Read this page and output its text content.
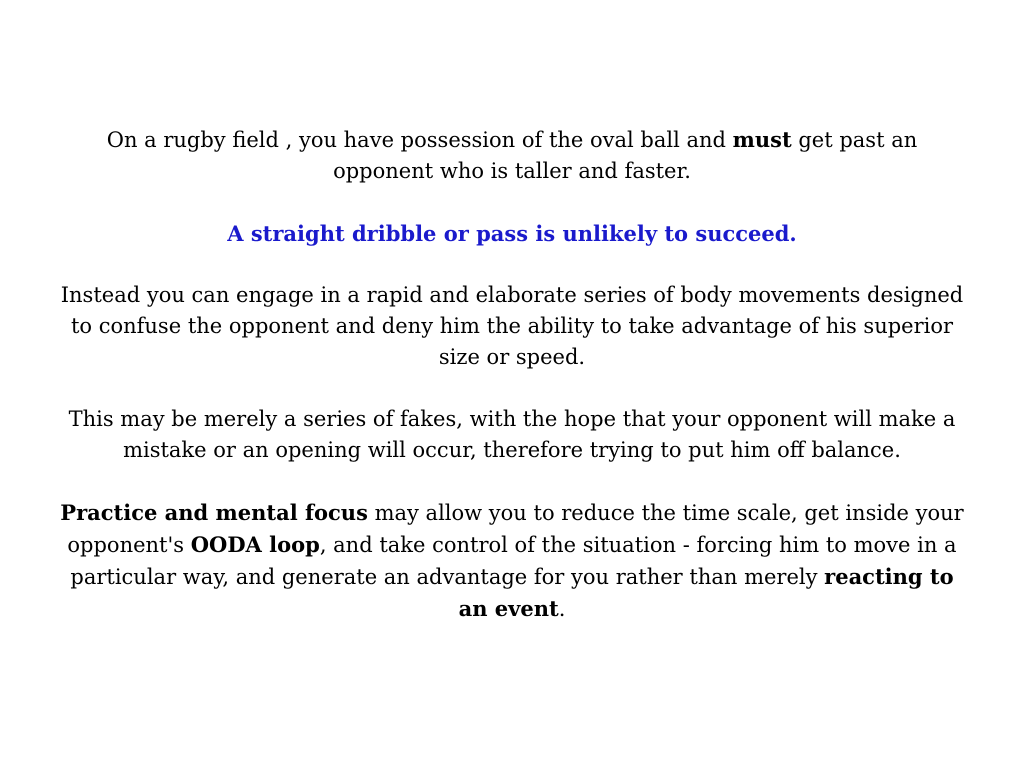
On a rugby field , you have possession of the oval ball and must get past an opponent who is taller and faster.

A straight dribble or pass is unlikely to succeed.

Instead you can engage in a rapid and elaborate series of body movements designed to confuse the opponent and deny him the ability to take advantage of his superior size or speed.

This may be merely a series of fakes, with the hope that your opponent will make a mistake or an opening will occur, therefore trying to put him off balance.

Practice and mental focus may allow you to reduce the time scale, get inside your opponent's OODA loop, and take control of the situation - forcing him to move in a particular way, and generate an advantage for you rather than merely reacting to an event.
